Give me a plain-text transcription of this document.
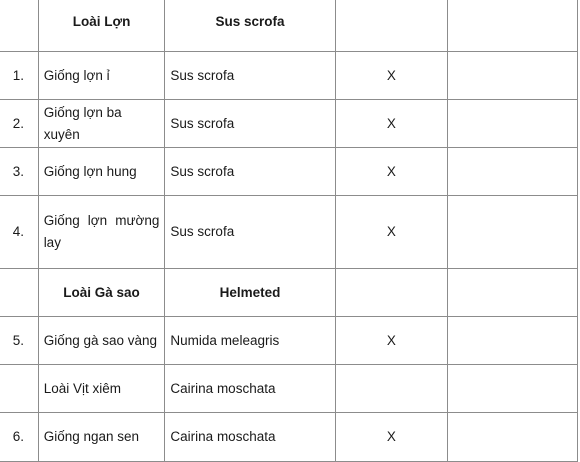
	Loài Lợn	Sus scrofa		
1.	Giống lợn ỉ	Sus scrofa	X	
2.	Giống lợn ba xuyên	Sus scrofa	X	
3.	Giống lợn hung	Sus scrofa	X	
4.	Giống lợn mường lay	Sus scrofa	X	
	Loài Gà sao	Helmeted		
5.	Giống gà sao vàng	Numida meleagris	X	
	Loài Vịt xiêm	Cairina moschata		
6.	Giống ngan sen	Cairina moschata	X	
